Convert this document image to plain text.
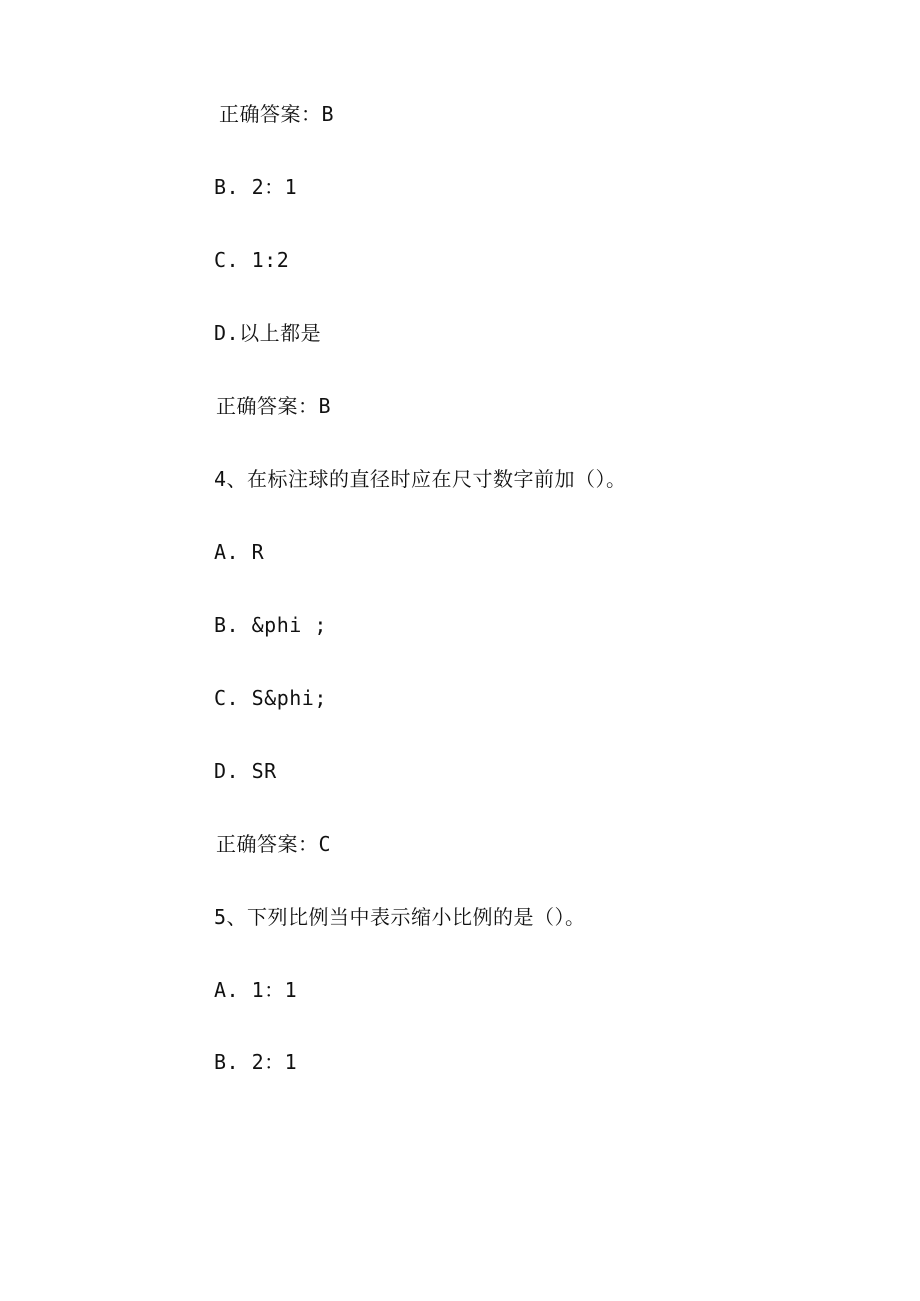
正确答案：B
B. 2：1
C. 1:2
D.以上都是
正确答案：B
4、在标注球的直径时应在尺寸数字前加（）。
A. R
B. &phi ;
C. S&phi;
D. SR
正确答案：C
5、下列比例当中表示缩小比例的是（）。
A. 1：1
B. 2：1
